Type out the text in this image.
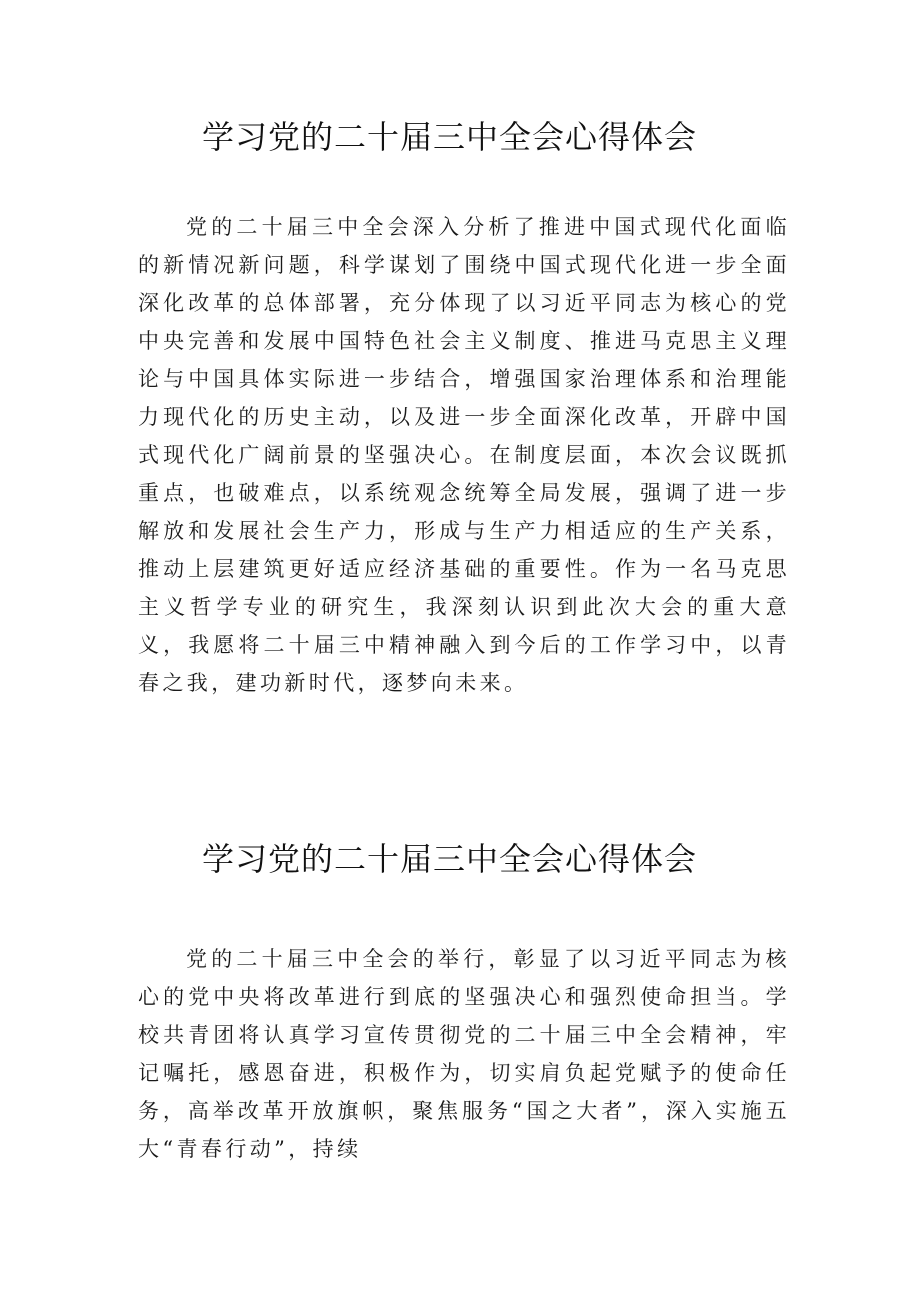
学习党的二十届三中全会心得体会

党的二十届三中全会深入分析了推进中国式现代化面临的新情况新问题，科学谋划了围绕中国式现代化进一步全面深化改革的总体部署，充分体现了以习近平同志为核心的党中央完善和发展中国特色社会主义制度、推进马克思主义理论与中国具体实际进一步结合，增强国家治理体系和治理能力现代化的历史主动，以及进一步全面深化改革，开辟中国式现代化广阔前景的坚强决心。在制度层面，本次会议既抓重点，也破难点，以系统观念统筹全局发展，强调了进一步解放和发展社会生产力，形成与生产力相适应的生产关系，推动上层建筑更好适应经济基础的重要性。作为一名马克思主义哲学专业的研究生，我深刻认识到此次大会的重大意义，我愿将二十届三中精神融入到今后的工作学习中，以青春之我，建功新时代，逐梦向未来。

学习党的二十届三中全会心得体会

党的二十届三中全会的举行，彰显了以习近平同志为核心的党中央将改革进行到底的坚强决心和强烈使命担当。学校共青团将认真学习宣传贯彻党的二十届三中全会精神，牢记嘱托，感恩奋进，积极作为，切实肩负起党赋予的使命任务，高举改革开放旗帜，聚焦服务“国之大者”，深入实施五大“青春行动”，持续
